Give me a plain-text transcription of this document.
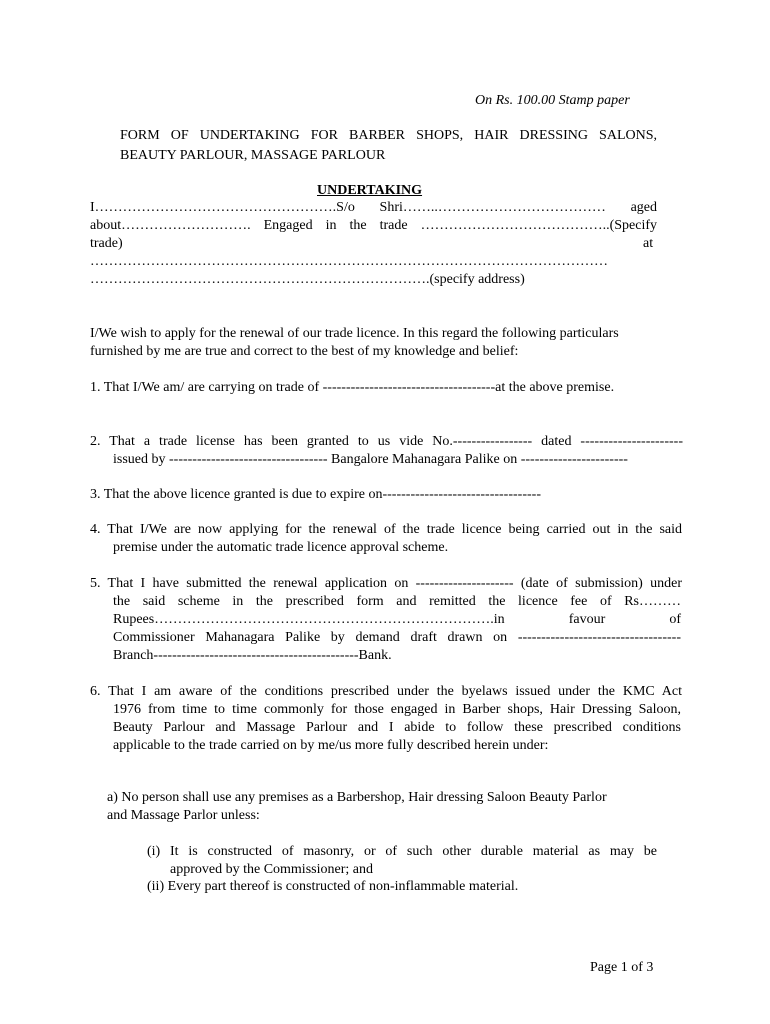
On Rs. 100.00 Stamp paper
FORM OF UNDERTAKING FOR BARBER SHOPS, HAIR DRESSING SALONS,
BEAUTY PARLOUR, MASSAGE PARLOUR
UNDERTAKING
I…………………………………………….S/o Shri……..……………………………… aged
about………………………. Engaged in the trade …………………………………..(Specify
trade)	at
…………………………………………………………………………………………………
……………………………………………………………….(specify address)
I/We wish to apply for the renewal of our trade licence. In this regard the following particulars
furnished by me are true and correct to the best of my knowledge and belief:
1. That I/We am/ are carrying on trade of -------------------------------------at the above premise.
2. That a trade license has been granted to us vide No.----------------- dated ----------------------
issued by ---------------------------------- Bangalore Mahanagara Palike on -----------------------
3. That the above licence granted is due to expire on----------------------------------
4. That I/We are now applying for the renewal of the trade licence being carried out in the said
premise under the automatic trade licence approval scheme.
5. That I have submitted the renewal application on --------------------- (date of submission) under
the said scheme in the prescribed form and remitted the licence fee of Rs………
Rupees……………………………………………………………….in favour of
Commissioner Mahanagara Palike by demand draft drawn on -----------------------------------
Branch--------------------------------------------Bank.
6. That I am aware of the conditions prescribed under the byelaws issued under the KMC Act
1976 from time to time commonly for those engaged in Barber shops, Hair Dressing Saloon,
Beauty Parlour and Massage Parlour and I abide to follow these prescribed conditions
applicable to the trade carried on by me/us more fully described herein under:
a) No person shall use any premises as a Barbershop, Hair dressing Saloon Beauty Parlor
and Massage Parlor unless:
(i) It is constructed of masonry, or of such other durable material as may be
approved by the Commissioner; and
(ii) Every part thereof is constructed of non-inflammable material.
Page 1 of 3
